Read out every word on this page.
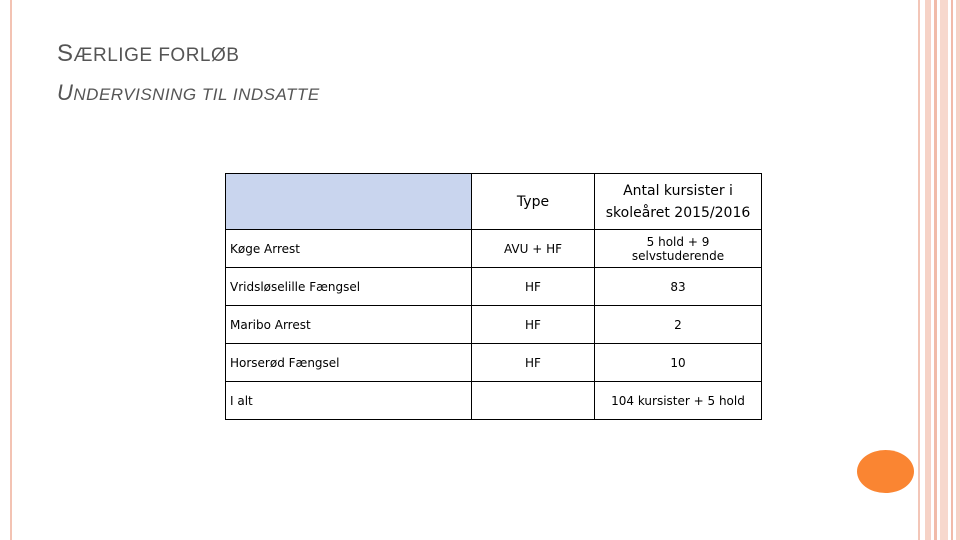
SÆRLIGE FORLØB
UNDERVISNING TIL INDSATTE
	Type	Antal kursister i skoleåret 2015/2016
Køge Arrest	AVU + HF	5 hold + 9 selvstuderende
Vridsløselille Fængsel	HF	83
Maribo Arrest	HF	2
Horserød Fængsel	HF	10
I alt		104 kursister + 5 hold
